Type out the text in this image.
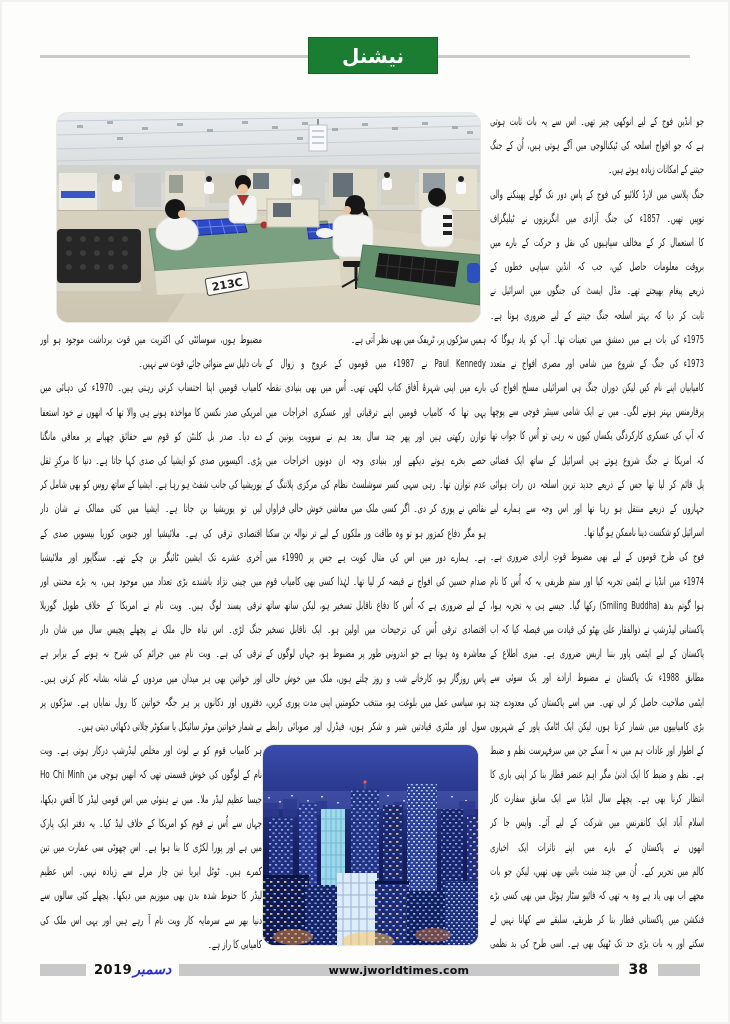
نیشنل
213C
جو انڈین فوج کے لیے انوکھی چیز تھی۔ اس سے یہ بات ثابت ہوتی
ہے کہ جو افواج اسلحہ کی ٹیکنالوجی میں آگے ہوتی ہیں، اُن کے جنگ
جیتنے کے امکانات زیادہ ہوتے ہیں۔
جنگ پلاسی میں لارڈ کلائیو کی فوج کے پاس دور تک گولے پھینکنے والی
توپیں تھیں۔ 1857ء کی جنگ آزادی میں انگریزوں نے ٹیلیگراف
کا استعمال کر کے مخالف سپاہیوں کی نقل و حرکت کے بارے میں
بروقت معلومات حاصل کیں، جب کہ انڈین سپاہی خطوں کے
ذریعے پیغام بھیجتے تھے۔ مڈل ایسٹ کی جنگوں میں اسرائیل نے
ثابت کر دیا کہ بہتر اسلحہ جنگ جیتنے کے لیے ضروری ہوتا ہے۔
1975ء کی بات ہے میں دمشق میں تعینات تھا۔ آپ کو یاد ہوگا کہ
1973ء کی جنگ کے شروع میں شامی اور مصری افواج نے متعدد
کامیابیاں اپنے نام کیں لیکن دوران جنگ ہی اسرائیلی مسلح افواج کی
پرفارمنس بہتر ہونے لگی۔ میں نے ایک شامی سینئر فوجی سے پوچھا
کہ آپ کی عسکری کارکردگی یکساں کیوں نہ رہی تو اُس کا جواب تھا
کہ امریکا نے جنگ شروع ہوتے ہی اسرائیل کے ساتھ ایک فضائی
پل قائم کر لیا تھا جس کے ذریعے جدید ترین اسلحہ دن رات ہوائی
جہازوں کے ذریعے منتقل ہو رہا تھا اور اس وجہ سے ہمارے لیے
اسرائیل کو شکست دینا ناممکن ہو گیا تھا۔
فوج کی طرح قوموں کے لیے بھی مضبوط قوتِ ارادی ضروری ہے۔
1974ء میں انڈیا نے ایٹمی تجربہ کیا اور ستم ظریفی یہ کہ اُس کا نام
ہوا گوتم بدھ (Smiling Buddha) رکھا گیا۔ جیسے ہی یہ تجربہ ہوا،
پاکستانی لیڈرشپ نے ذوالفقار علی بھٹو کی قیادت میں فیصلہ کیا کہ اب
پاکستان کے لیے ایٹمی پاور بننا ازبس ضروری ہے۔ میری اطلاع کے
مطابق 1988ء تک پاکستان نے مضبوط ارادے اور یک سوئی سے
ایٹمی صلاحیت حاصل کر لی تھی۔ میں اسے پاکستان کی معدودے چند
بڑی کامیابیوں میں شمار کرتا ہوں، لیکن ایک اٹامک پاور کے شہریوں
کے اطوار اور عادات ہم میں نہ آ سکے جن میں سرفہرست نظم و ضبط
ہے۔ نظم و ضبط کا ایک ادنیٰ مگر اہم عنصر قطار بنا کر اپنی باری کا
انتظار کرنا بھی ہے۔ پچھلے سال انڈیا سے ایک سابق سفارت کار
اسلام آباد ایک کانفرنس میں شرکت کے لیے آئے۔ واپس جا کر
انھوں نے پاکستان کے بارے میں اپنے تاثرات ایک اخباری
کالم میں تحریر کیے۔ اُن میں چند مثبت باتیں بھی تھیں، لیکن جو بات
مجھے اب بھی یاد ہے وہ یہ تھی کہ فائیو سٹار ہوٹل میں بھی کسی بڑے
فنکشن میں پاکستانی قطار بنا کر طریقے، سلیقے سے کھانا نہیں لے
سکتے اور یہ بات بڑی حد تک ٹھیک بھی ہے۔ اسی طرح کی بد نظمی
ہمیں سڑکوں پر، ٹریفک میں بھی نظر آتی ہے۔
Paul Kennedy نے 1987ء میں قوموں کے عروج و زوال کے
بارے میں اپنی شہرۂ آفاق کتاب لکھی تھی۔ اُس میں بھی بنیادی نقطہ
یہی تھا کہ کامیاب قومیں اپنے ترقیاتی اور عسکری اخراجات میں
توازن رکھتی ہیں اور پھر چند سال بعد ہم نے سوویت یونین کے
حصے بخرے ہوتے دیکھے اور بنیادی وجہ ان دونوں اخراجات میں
عدم توازن تھا۔ رہی سہی کسر سوشلسٹ نظام کی مرکزی پلاننگ کے
نقائص نے پوری کر دی۔ اگر کسی ملک میں معاشی خوش حالی فراواں
ہو مگر دفاع کمزور ہو تو وہ طاقت ور ملکوں کے لیے تر نوالہ بن سکتا
ہے۔ ہمارے دور میں اس کی مثال کویت ہے جس پر 1990ء میں
صدام حسین کی افواج نے قبضہ کر لیا تھا۔ لہٰذا کسی بھی کامیاب قوم
کے لیے ضروری ہے کہ اُس کا دفاع ناقابل تسخیر ہو، لیکن ساتھ ساتھ
اقتصادی ترقی اُس کی ترجیحات میں اولین ہو۔ ایک ناقابل تسخیر
معاشرہ وہ ہوتا ہے جو اندرونی طور پر مضبوط ہو، جہاں لوگوں کے
پاس روزگار ہو، کارخانے شب و روز چلتے ہوں، ملک میں خوش حالی
ہو، سیاسی عمل میں بلوغت ہو، منتخب حکومتیں اپنی مدت پوری کریں،
سول اور ملٹری قیادتیں شیر و شکر ہوں، فیڈرل اور صوبائی رابطے
مضبوط ہوں، سوسائٹی کی اکثریت میں قوت برداشت موجود ہو اور
بات دلیل سے منوائی جائے، قوت سے نہیں۔
کامیاب قومیں اپنا احتساب کرتی رہتی ہیں۔ 1970ء کی دہائی میں
امریکی صدر نکسن کا مواخذہ ہونے ہی والا تھا کہ انھوں نے خود استعفا
دے دیا۔ صدر بل کلنٹن کو قوم سے حقائق چھپانے پر معافی مانگنا
پڑی۔ اکیسویں صدی کو ایشیا کی صدی کہا جاتا ہے۔ دنیا کا مرکزِ ثقل
یوریشیا کی جانب شفٹ ہو رہا ہے۔ ایشیا کے ساتھ روس کو بھی شامل کر
لیں تو یوریشیا بن جاتا ہے۔ ایشیا میں کئی ممالک نے شان دار
اقتصادی ترقی کی ہے۔ ملائیشیا اور جنوبی کوریا بیسویں صدی کے
آخری عشرے تک ایشین ٹائیگر بن چکے تھے۔ سنگاپور اور ملائیشیا
میں چینی نژاد باشندے بڑی تعداد میں موجود ہیں، یہ بڑے محنتی اور
ترقی پسند لوگ ہیں۔ ویت نام نے امریکا کے خلاف طویل گوریلا
جنگ لڑی۔ اس تباہ حال ملک نے پچھلے پچیس سال میں شان دار
ترقی کی ہے۔ ویت نام میں جرائم کی شرح نہ ہونے کے برابر ہے
اور خواتین بھی ہر میدان میں مردوں کے شانہ بشانہ کام کرتی ہیں۔
دفتروں اور دکانوں پر ہر جگہ خواتین کا رول نمایاں ہے۔ سڑکوں پر
بے شمار خواتین موٹر سائیکل یا سکوٹر چلاتی دکھائی دیتی ہیں۔
ہر کامیاب قوم کو بے لوث اور مخلص لیڈرشپ درکار ہوتی ہے۔ ویت
نام کے لوگوں کی خوش قسمتی تھی کہ انھیں ہوچی من Ho Chi Minh
جیسا عظیم لیڈر ملا۔ میں نے ہنوئی میں اس قومی لیڈر کا آفس دیکھا،
جہاں سے اُس نے قوم کو امریکا کے خلاف لیڈ کیا۔ یہ دفتر ایک پارک
میں ہے اور پورا لکڑی کا بنا ہوا ہے۔ اس چھوٹی سی عمارت میں تین
کمرے ہیں۔ ٹوٹل ایریا تین چار مرلے سے زیادہ نہیں۔ اس عظیم
لیڈر کا حنوط شدہ بدن بھی میوزیم میں دیکھا۔ پچھلے کئی سالوں سے
دنیا بھر سے سرمایہ کار ویت نام آ رہے ہیں اور یہی اس ملک کی
کامیابی کا راز ہے۔
دسمبر
2019	www.jworldtimes.com	38
